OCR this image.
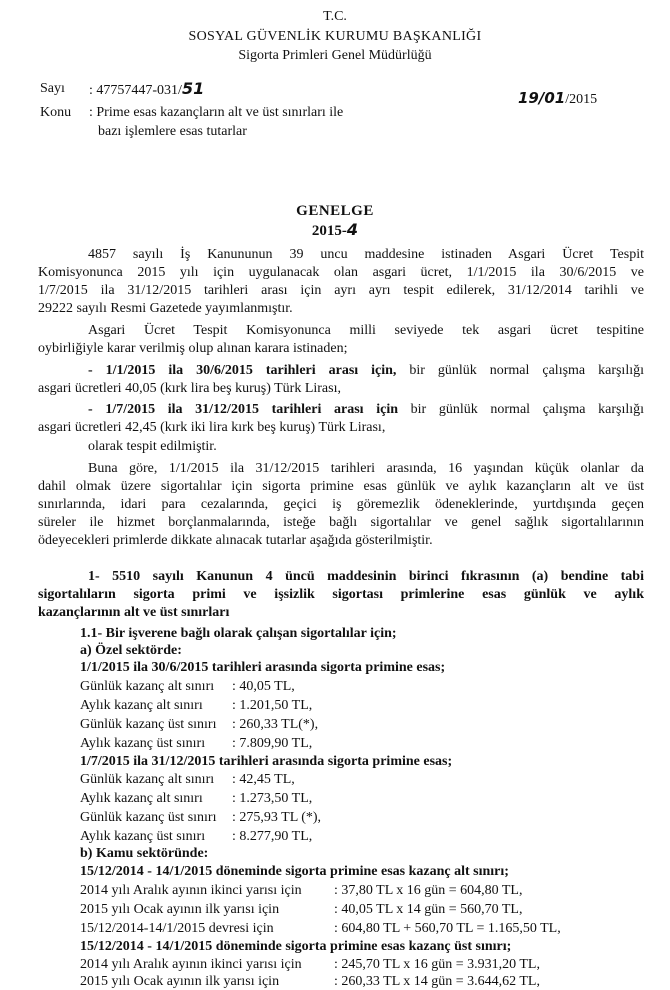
T.C.
SOSYAL GÜVENLİK KURUMU BAŞKANLIĞI
Sigorta Primleri Genel Müdürlüğü
Sayı : 47757447-031/51	19/01/2015
Konu : Prime esas kazançların alt ve üst sınırları ile
bazı işlemlere esas tutarlar
GENELGE
2015-4
4857 sayılı İş Kanununun 39 uncu maddesine istinaden Asgari Ücret Tespit
Komisyonunca 2015 yılı için uygulanacak olan asgari ücret, 1/1/2015 ila 30/6/2015 ve
1/7/2015 ila 31/12/2015 tarihleri arası için ayrı ayrı tespit edilerek, 31/12/2014 tarihli ve
29222 sayılı Resmi Gazetede yayımlanmıştır.
Asgari Ücret Tespit Komisyonunca milli seviyede tek asgari ücret tespitine
oybirliğiyle karar verilmiş olup alınan karara istinaden;
- 1/1/2015 ila 30/6/2015 tarihleri arası için, bir günlük normal çalışma karşılığı
asgari ücretleri 40,05 (kırk lira beş kuruş) Türk Lirası,
- 1/7/2015 ila 31/12/2015 tarihleri arası için bir günlük normal çalışma karşılığı
asgari ücretleri 42,45 (kırk iki lira kırk beş kuruş) Türk Lirası,
olarak tespit edilmiştir.
Buna göre, 1/1/2015 ila 31/12/2015 tarihleri arasında, 16 yaşından küçük olanlar da
dahil olmak üzere sigortalılar için sigorta primine esas günlük ve aylık kazançların alt ve üst
sınırlarında, idari para cezalarında, geçici iş göremezlik ödeneklerinde, yurtdışında geçen
süreler ile hizmet borçlanmalarında, isteğe bağlı sigortalılar ve genel sağlık sigortalılarının
ödeyecekleri primlerde dikkate alınacak tutarlar aşağıda gösterilmiştir.
1- 5510 sayılı Kanunun 4 üncü maddesinin birinci fıkrasının (a) bendine tabi
sigortalıların sigorta primi ve işsizlik sigortası primlerine esas günlük ve aylık
kazançlarının alt ve üst sınırları
1.1- Bir işverene bağlı olarak çalışan sigortalılar için;
a) Özel sektörde:
1/1/2015 ila 30/6/2015 tarihleri arasında sigorta primine esas;
Günlük kazanç alt sınırı : 40,05 TL,
Aylık kazanç alt sınırı : 1.201,50 TL,
Günlük kazanç üst sınırı : 260,33 TL(*),
Aylık kazanç üst sınırı : 7.809,90 TL,
1/7/2015 ila 31/12/2015 tarihleri arasında sigorta primine esas;
Günlük kazanç alt sınırı : 42,45 TL,
Aylık kazanç alt sınırı : 1.273,50 TL,
Günlük kazanç üst sınırı : 275,93 TL (*),
Aylık kazanç üst sınırı : 8.277,90 TL,
b) Kamu sektöründe:
15/12/2014 - 14/1/2015 döneminde sigorta primine esas kazanç alt sınırı;
2014 yılı Aralık ayının ikinci yarısı için : 37,80 TL x 16 gün = 604,80 TL,
2015 yılı Ocak ayının ilk yarısı için	: 40,05 TL x 14 gün = 560,70 TL,
15/12/2014-14/1/2015 devresi için	: 604,80 TL + 560,70 TL = 1.165,50 TL,
15/12/2014 - 14/1/2015 döneminde sigorta primine esas kazanç üst sınırı;
2014 yılı Aralık ayının ikinci yarısı için : 245,70 TL x 16 gün = 3.931,20 TL,
2015 yılı Ocak ayının ilk yarısı için	: 260,33 TL x 14 gün = 3.644,62 TL,
